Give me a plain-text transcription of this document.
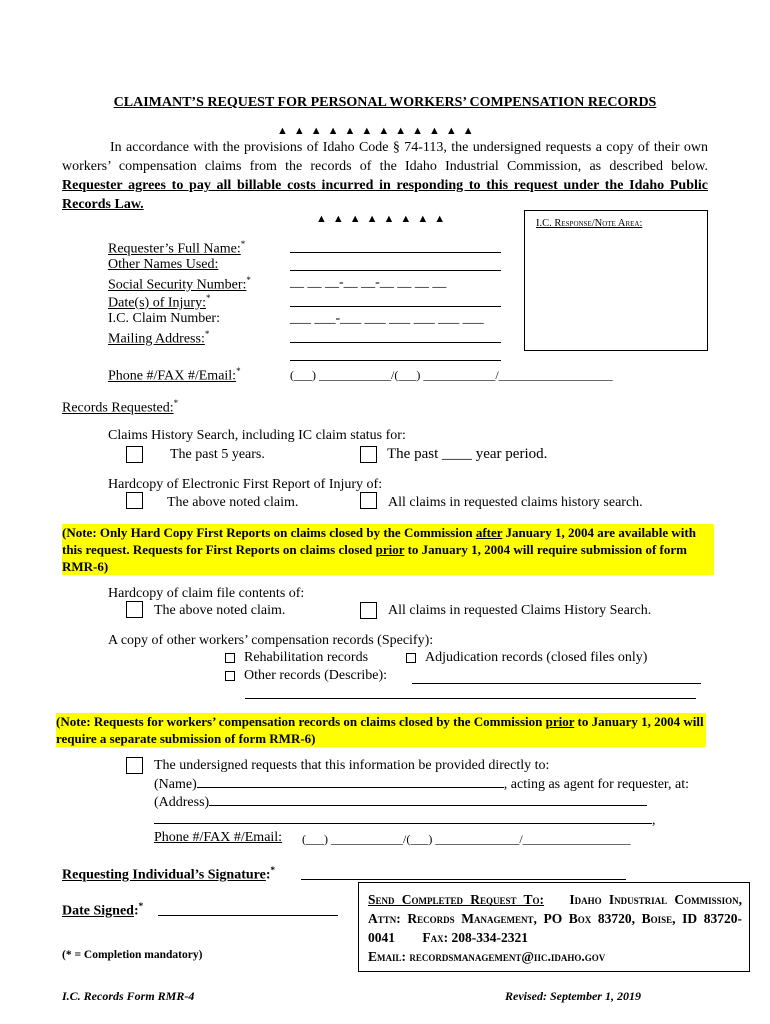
CLAIMANT’S REQUEST FOR PERSONAL WORKERS’ COMPENSATION RECORDS
▲▲▲▲▲▲▲▲▲▲▲▲
In accordance with the provisions of Idaho Code § 74-113, the undersigned requests a copy of their own workers’ compensation claims from the records of the Idaho Industrial Commission, as described below. Requester agrees to pay all billable costs incurred in responding to this request under the Idaho Public Records Law.
▲▲▲▲▲▲▲▲	I.C. Response/Note Area:
Requester’s Full Name:*
Other Names Used:
Social Security Number:*	__ __ __-__ __-__ __ __ __
Date(s) of Injury:*
I.C. Claim Number:	___ ___-___ ___ ___ ___ ___ ___
Mailing Address:*
Phone #/FAX #/Email:*	(___) ____________/(___) ____________/___________________
Records Requested:*
Claims History Search, including IC claim status for:
The past 5 years.	The past ____ year period.
Hardcopy of Electronic First Report of Injury of:
The above noted claim.	All claims in requested claims history search.
(Note: Only Hard Copy First Reports on claims closed by the Commission after January 1, 2004 are available with this request. Requests for First Reports on claims closed prior to January 1, 2004 will require submission of form RMR-6)
Hardcopy of claim file contents of:
The above noted claim.	All claims in requested Claims History Search.
A copy of other workers’ compensation records (Specify):
Rehabilitation records	Adjudication records (closed files only)
Other records (Describe):
(Note: Requests for workers’ compensation records on claims closed by the Commission prior to January 1, 2004 will require a separate submission of form RMR-6)
The undersigned requests that this information be provided directly to:
(Name)	, acting as agent for requester, at:
(Address)
,
Phone #/FAX #/Email: (___) ____________/(___) ______________/__________________
Requesting Individual’s Signature:*
Date Signed:*
(* = Completion mandatory)
Send Completed Request To: Idaho Industrial Commission, Attn: Records Management, PO Box 83720, Boise, ID 83720-0041 Fax: 208-334-2321
Email: recordsmanagement@iic.idaho.gov
I.C. Records Form RMR-4	Revised: September 1, 2019
